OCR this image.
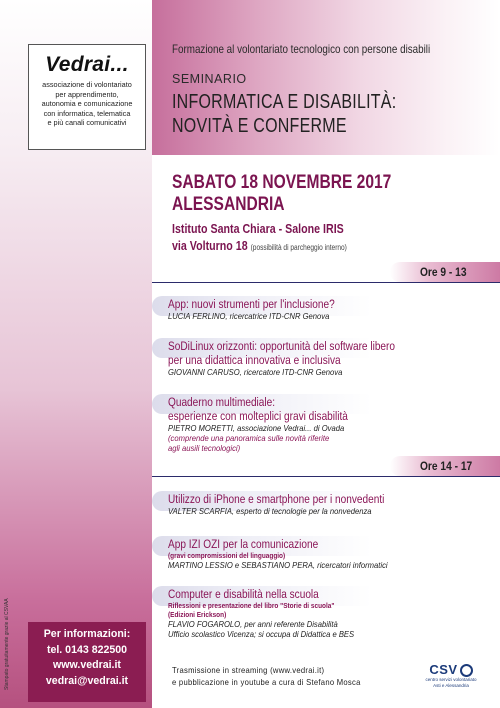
Vedrai...
associazione di volontariato
per apprendimento,
autonomia e comunicazione
con informatica, telematica
e più canali comunicativi
Formazione al volontariato tecnologico con persone disabili
SEMINARIO
INFORMATICA E DISABILITÀ:
NOVITÀ E CONFERME
SABATO 18 NOVEMBRE 2017
ALESSANDRIA
Istituto Santa Chiara - Salone IRIS
via Volturno 18 (possibilità di parcheggio interno)
Ore 9 - 13
App: nuovi strumenti per l'inclusione?
LUCIA FERLINO, ricercatrice ITD-CNR Genova
SoDiLinux orizzonti: opportunità del software libero
per una didattica innovativa e inclusiva
GIOVANNI CARUSO, ricercatore ITD-CNR Genova
Quaderno multimediale:
esperienze con molteplici gravi disabilità
PIETRO MORETTI, associazione Vedrai... di Ovada
(comprende una panoramica sulle novità riferite
agli ausili tecnologici)
Ore 14 - 17
Utilizzo di iPhone e smartphone per i nonvedenti
VALTER SCARFIA, esperto di tecnologie per la nonvedenza
App IZI OZI per la comunicazione
(gravi compromissioni del linguaggio)
MARTINO LESSIO e SEBASTIANO PERA, ricercatori informatici
Computer e disabilità nella scuola
Riflessioni e presentazione del libro "Storie di scuola"
(Edizioni Erickson)
FLAVIO FOGAROLO, per anni referente Disabilità
Ufficio scolastico Vicenza; si occupa di Didattica e BES
Trasmissione in streaming (www.vedrai.it)
e pubblicazione in youtube a cura di Stefano Mosca
Per informazioni:
tel. 0143 822500
www.vedrai.it
vedrai@vedrai.it
Stampato gratuitamente grazie al CSVAA	CSV
centro servizi volontariato
Asti e Alessandria
